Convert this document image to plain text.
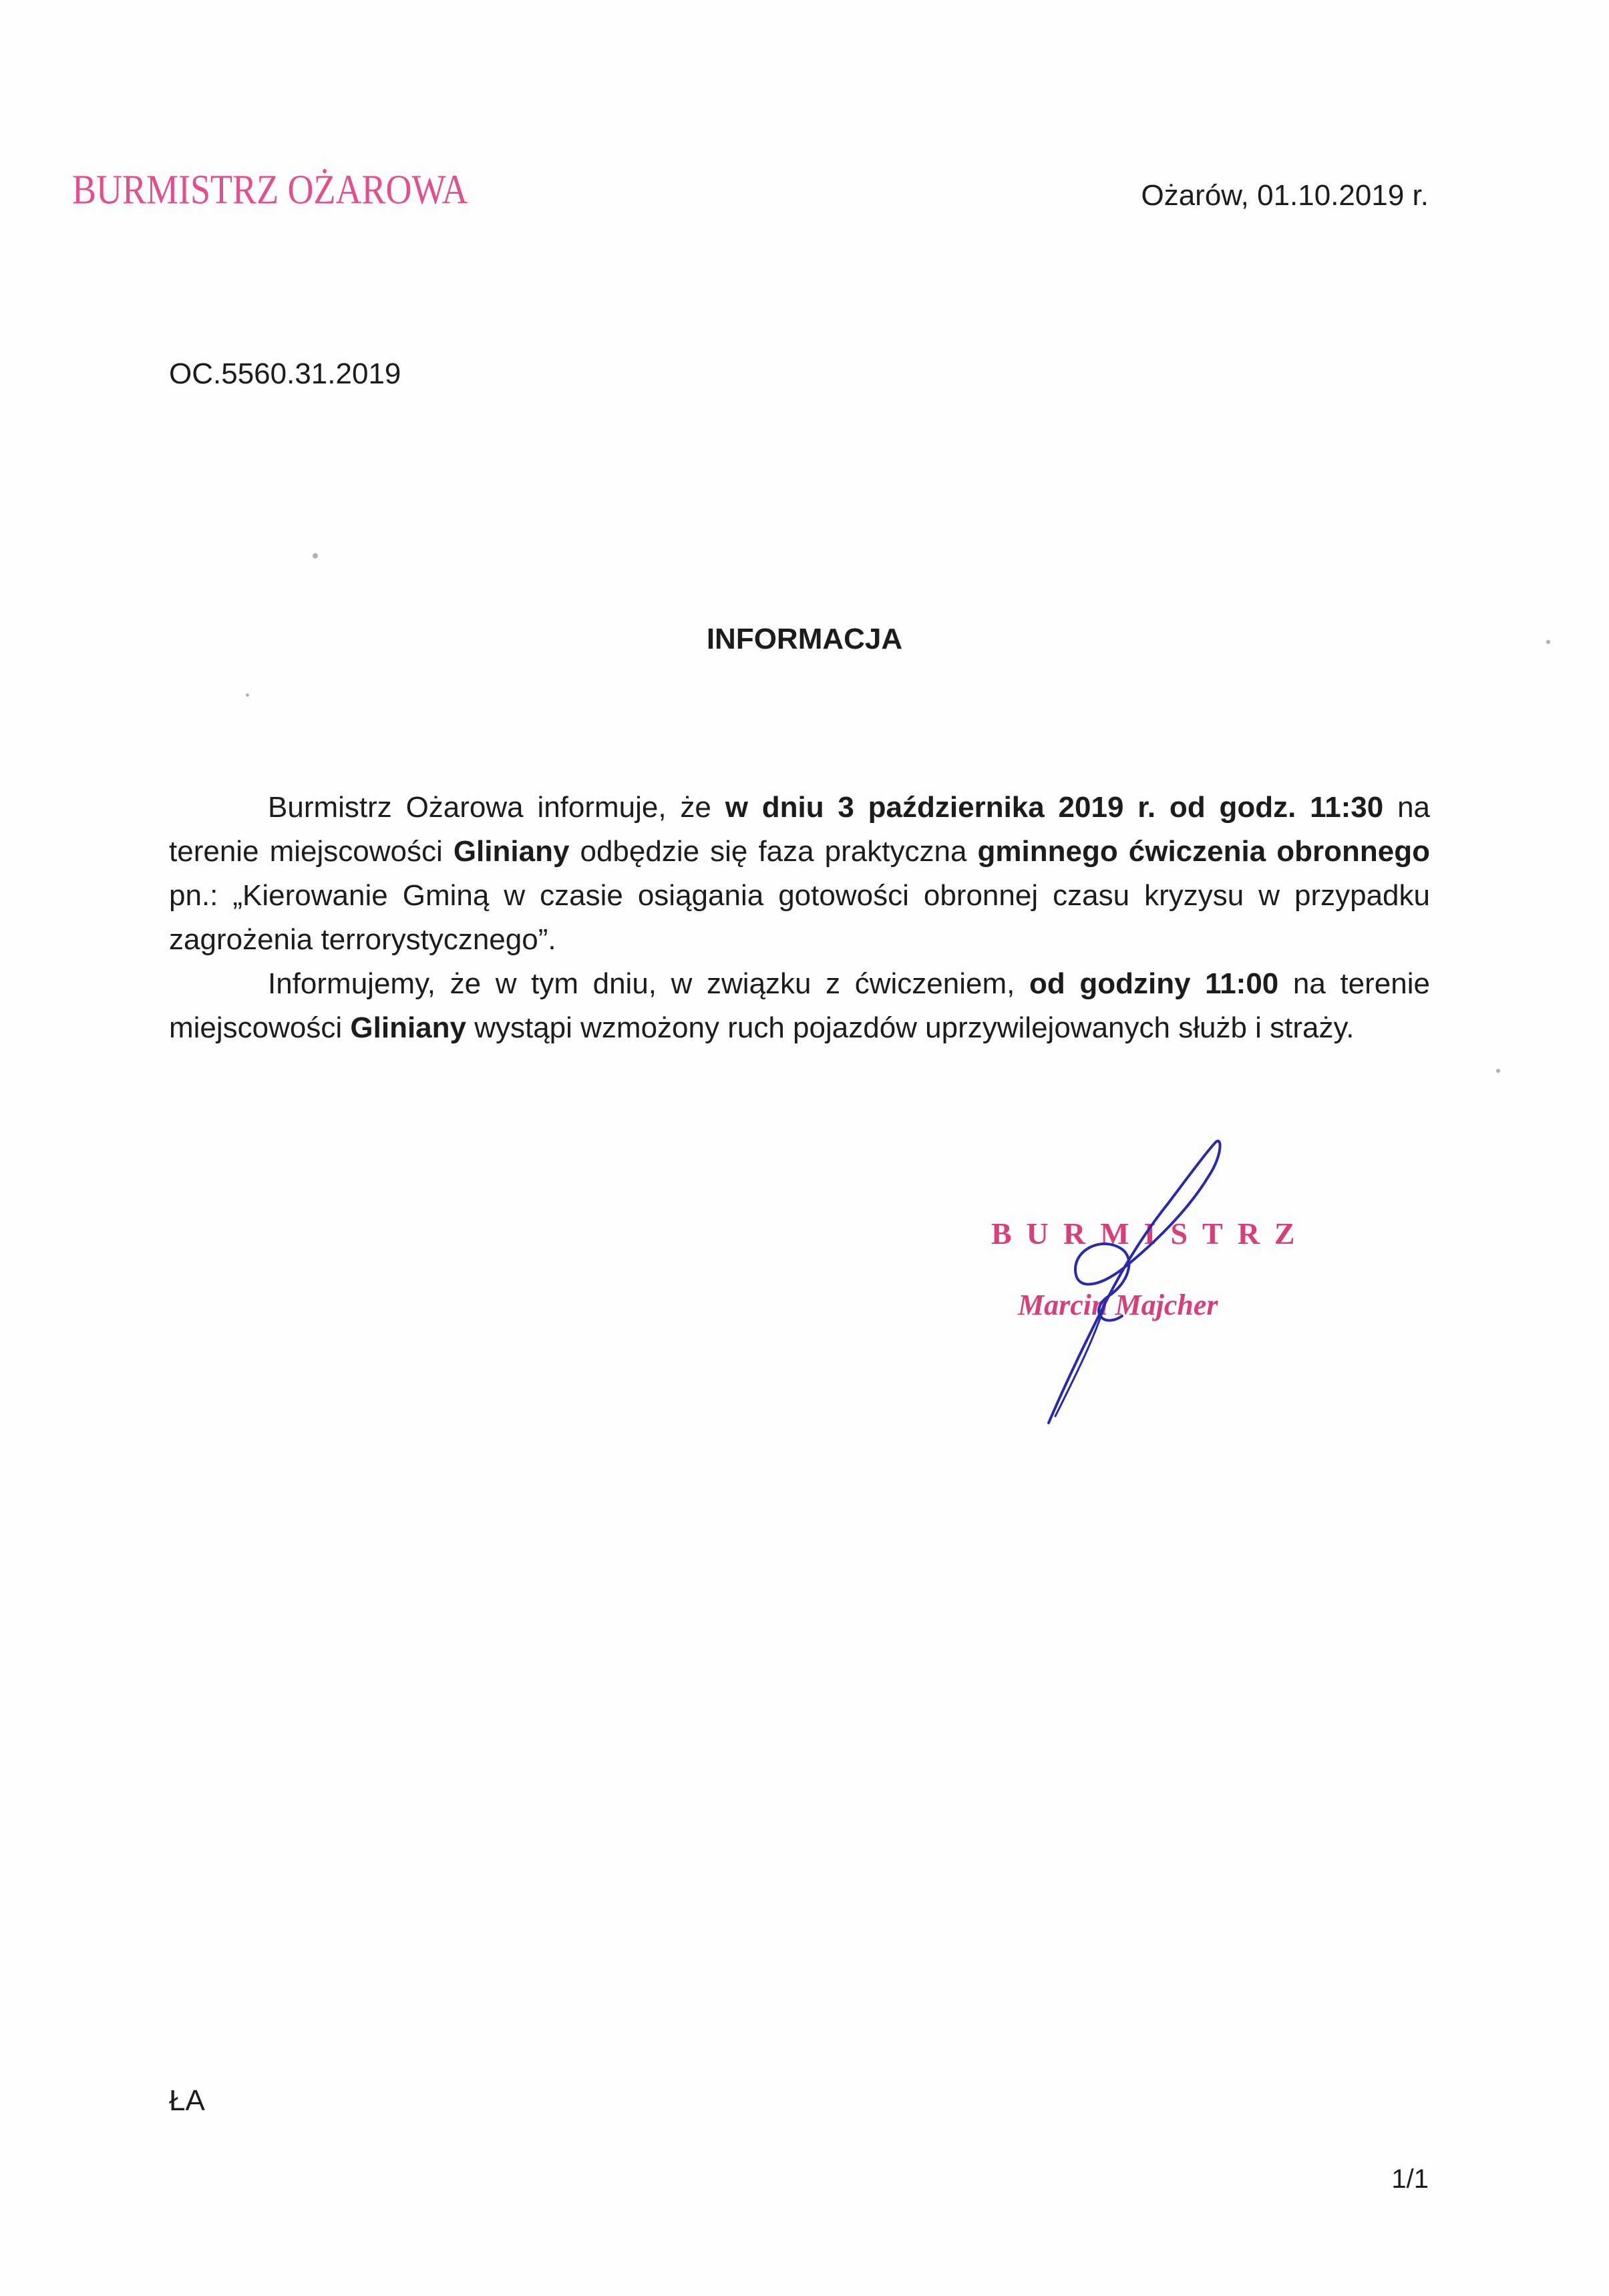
BURMISTRZ OŻAROWA	Ożarów, 01.10.2019 r.
OC.5560.31.2019
INFORMACJA

Burmistrz Ożarowa informuje, że w dniu 3 października 2019 r. od godz. 11:30 na terenie miejscowości Gliniany odbędzie się faza praktyczna gminnego ćwiczenia obronnego pn.: „Kierowanie Gminą w czasie osiągania gotowości obronnej czasu kryzysu w przypadku zagrożenia terrorystycznego”.

Informujemy, że w tym dniu, w związku z ćwiczeniem, od godziny 11:00 na terenie miejscowości Gliniany wystąpi wzmożony ruch pojazdów uprzywilejowanych służb i straży.

BURMISTRZ
Marcin Majcher
ŁA
1/1
